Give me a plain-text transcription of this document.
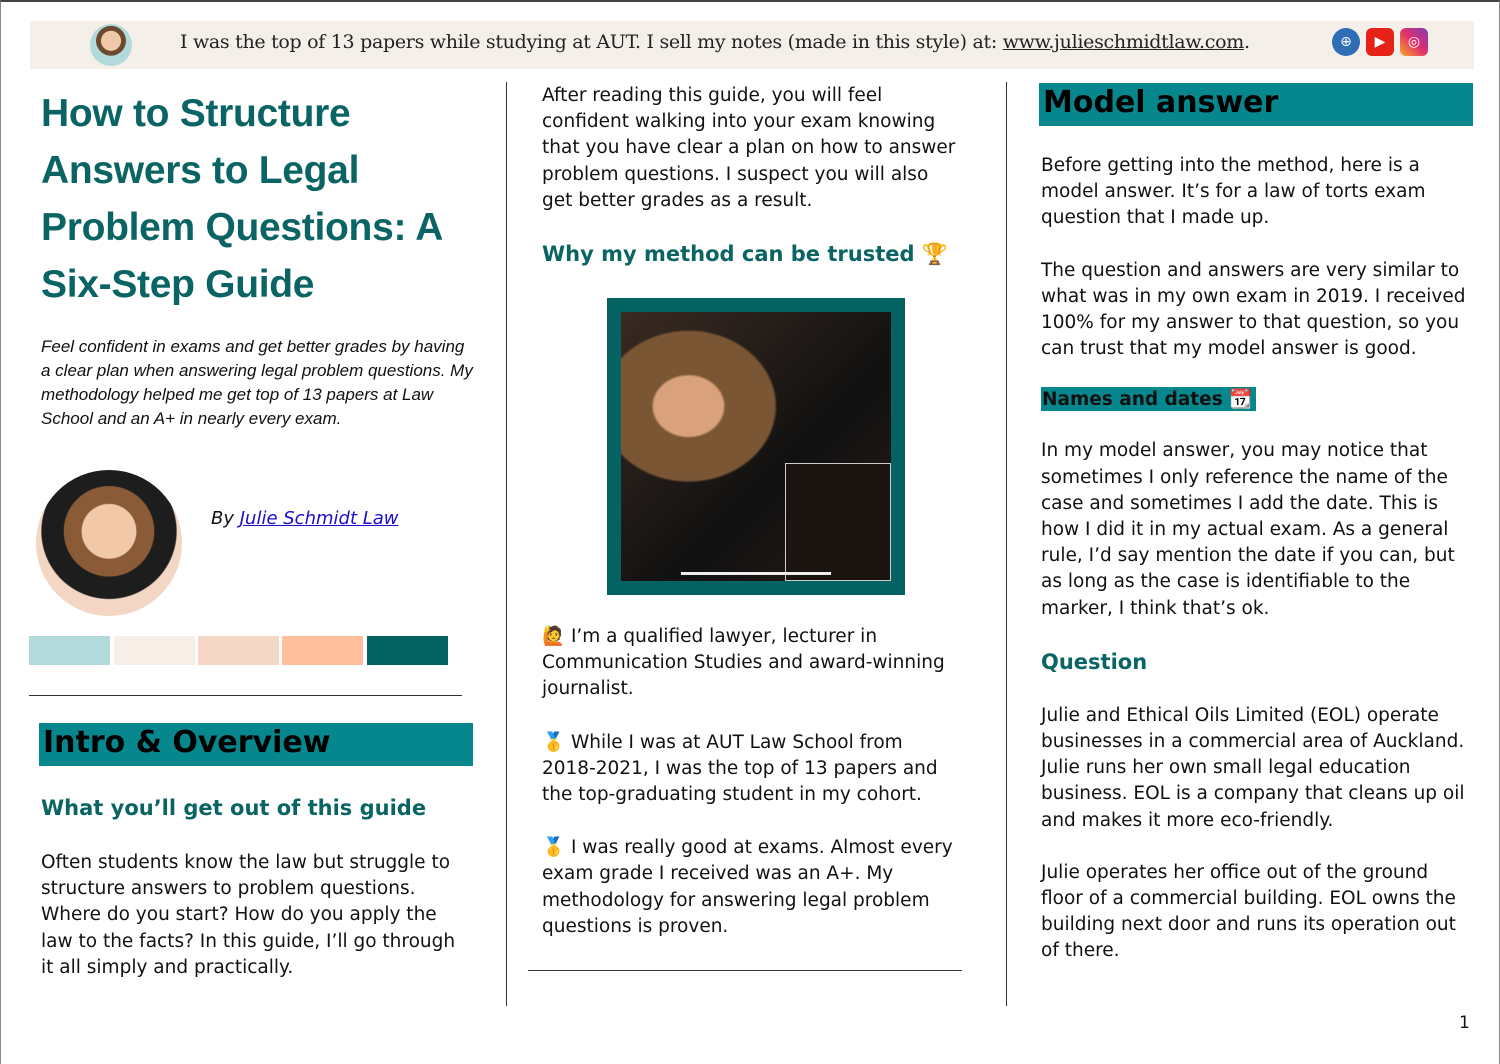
I was the top of 13 papers while studying at AUT. I sell my notes (made in this style) at: www.julieschmidtlaw.com.	⊕	▶	◎
How to Structure Answers to Legal Problem Questions: A Six-Step Guide
Feel confident in exams and get better grades by having a clear plan when answering legal problem questions. My methodology helped me get top of 13 papers at Law School and an A+ in nearly every exam.
By Julie Schmidt Law
Intro & Overview
What you’ll get out of this guide

Often students know the law but struggle to structure answers to problem questions. Where do you start? How do you apply the law to the facts? In this guide, I’ll go through it all simply and practically.

After reading this guide, you will feel confident walking into your exam knowing that you have clear a plan on how to answer problem questions. I suspect you will also get better grades as a result.

Why my method can be trusted 🏆

🙋 I’m a qualified lawyer, lecturer in Communication Studies and award-winning journalist.

🥇 While I was at AUT Law School from 2018-2021, I was the top of 13 papers and the top-graduating student in my cohort.

🥇 I was really good at exams. Almost every exam grade I received was an A+. My methodology for answering legal problem questions is proven.

Model answer

Before getting into the method, here is a model answer. It’s for a law of torts exam question that I made up.

The question and answers are very similar to what was in my own exam in 2019. I received 100% for my answer to that question, so you can trust that my model answer is good.

Names and dates 📆

In my model answer, you may notice that sometimes I only reference the name of the case and sometimes I add the date. This is how I did it in my actual exam. As a general rule, I’d say mention the date if you can, but as long as the case is identifiable to the marker, I think that’s ok.

Question

Julie and Ethical Oils Limited (EOL) operate businesses in a commercial area of Auckland. Julie runs her own small legal education business. EOL is a company that cleans up oil and makes it more eco-friendly.

Julie operates her office out of the ground floor of a commercial building. EOL owns the building next door and runs its operation out of there.

1
